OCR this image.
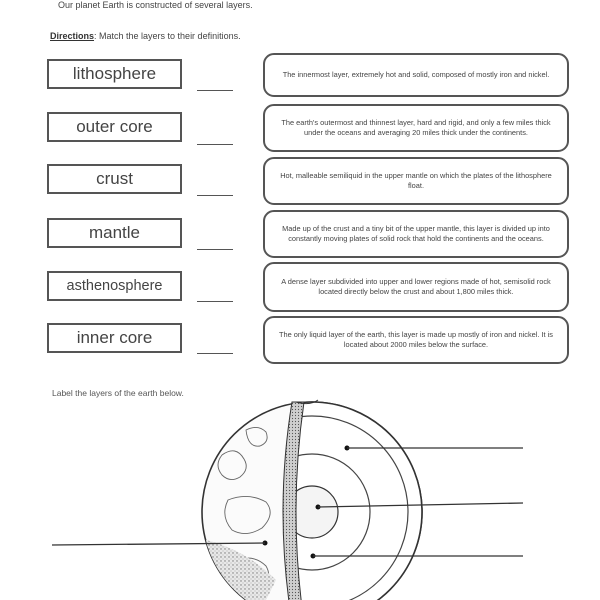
Our planet Earth is constructed of several layers.
Directions: Match the layers to their definitions.
lithosphere
outer core
crust
mantle
asthenosphere
inner core
The innermost layer, extremely hot and solid, composed of mostly iron and nickel.
The earth's outermost and thinnest layer, hard and rigid, and only a few miles thick under the oceans and averaging 20 miles thick under the continents.
Hot, malleable semiliquid in the upper mantle on which the plates of the lithosphere float.
Made up of the crust and a tiny bit of the upper mantle, this layer is divided up into constantly moving plates of solid rock that hold the continents and the oceans.
A dense layer subdivided into upper and lower regions made of hot, semisolid rock located directly below the crust and about 1,800 miles thick.
The only liquid layer of the earth, this layer is made up mostly of iron and nickel. It is located about 2000 miles below the surface.
Label the layers of the earth below.
